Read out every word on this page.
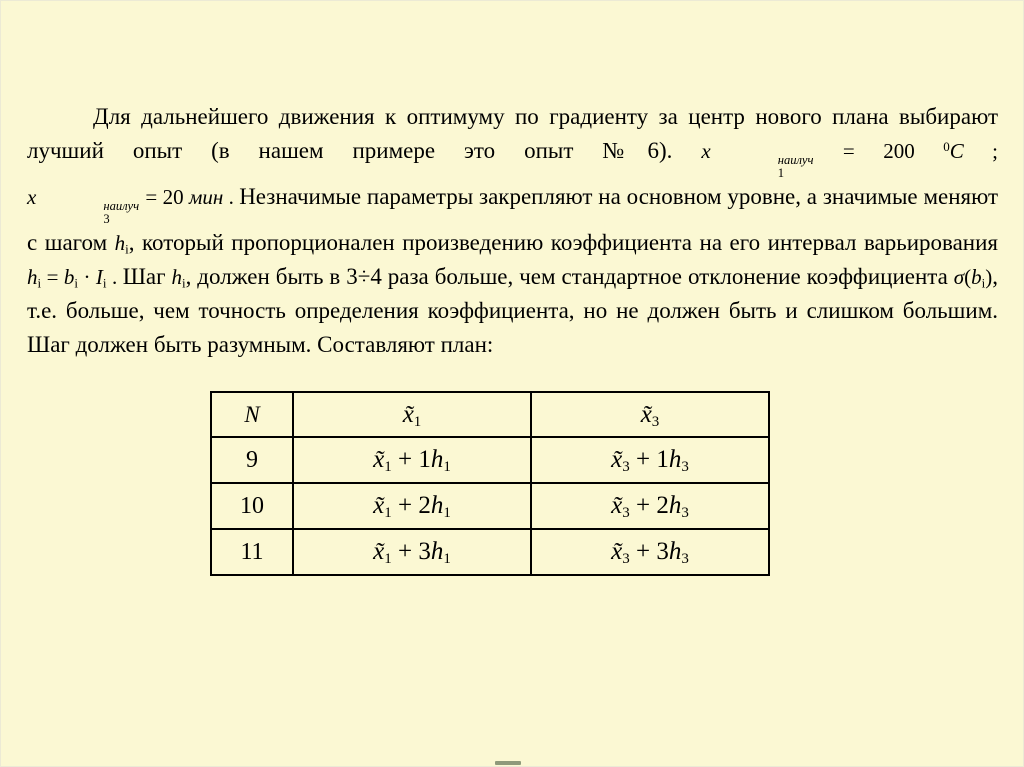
Для дальнейшего движения к оптимуму по градиенту за центр нового плана выбирают лучший опыт (в нашем примере это опыт №6). x	наилуч
1
= 200 $^0$C ; x	наилуч
3
= 20 мин . Незначимые параметры закрепляют на основном уровне, а значимые меняют с шагом $h_i$, который пропорционален произведению коэффициента на его интервал варьирования $h_i = b_i \cdot I_i$ . Шаг $h_i$, должен быть в 3÷4 раза больше, чем стандартное отклонение коэффициента $\sigma(b_i)$, т.е. больше, чем точность определения коэффициента, но не должен быть и слишком большим. Шаг должен быть разумным. Составляют план:

N	$x̃_1$	$x̃_3$
9	$x̃_1 + 1h_1$	$x̃_3 + 1h_3$
10	$x̃_1 + 2h_1$	$x̃_3 + 2h_3$
11	$x̃_1 + 3h_1$	$x̃_3 + 3h_3$
